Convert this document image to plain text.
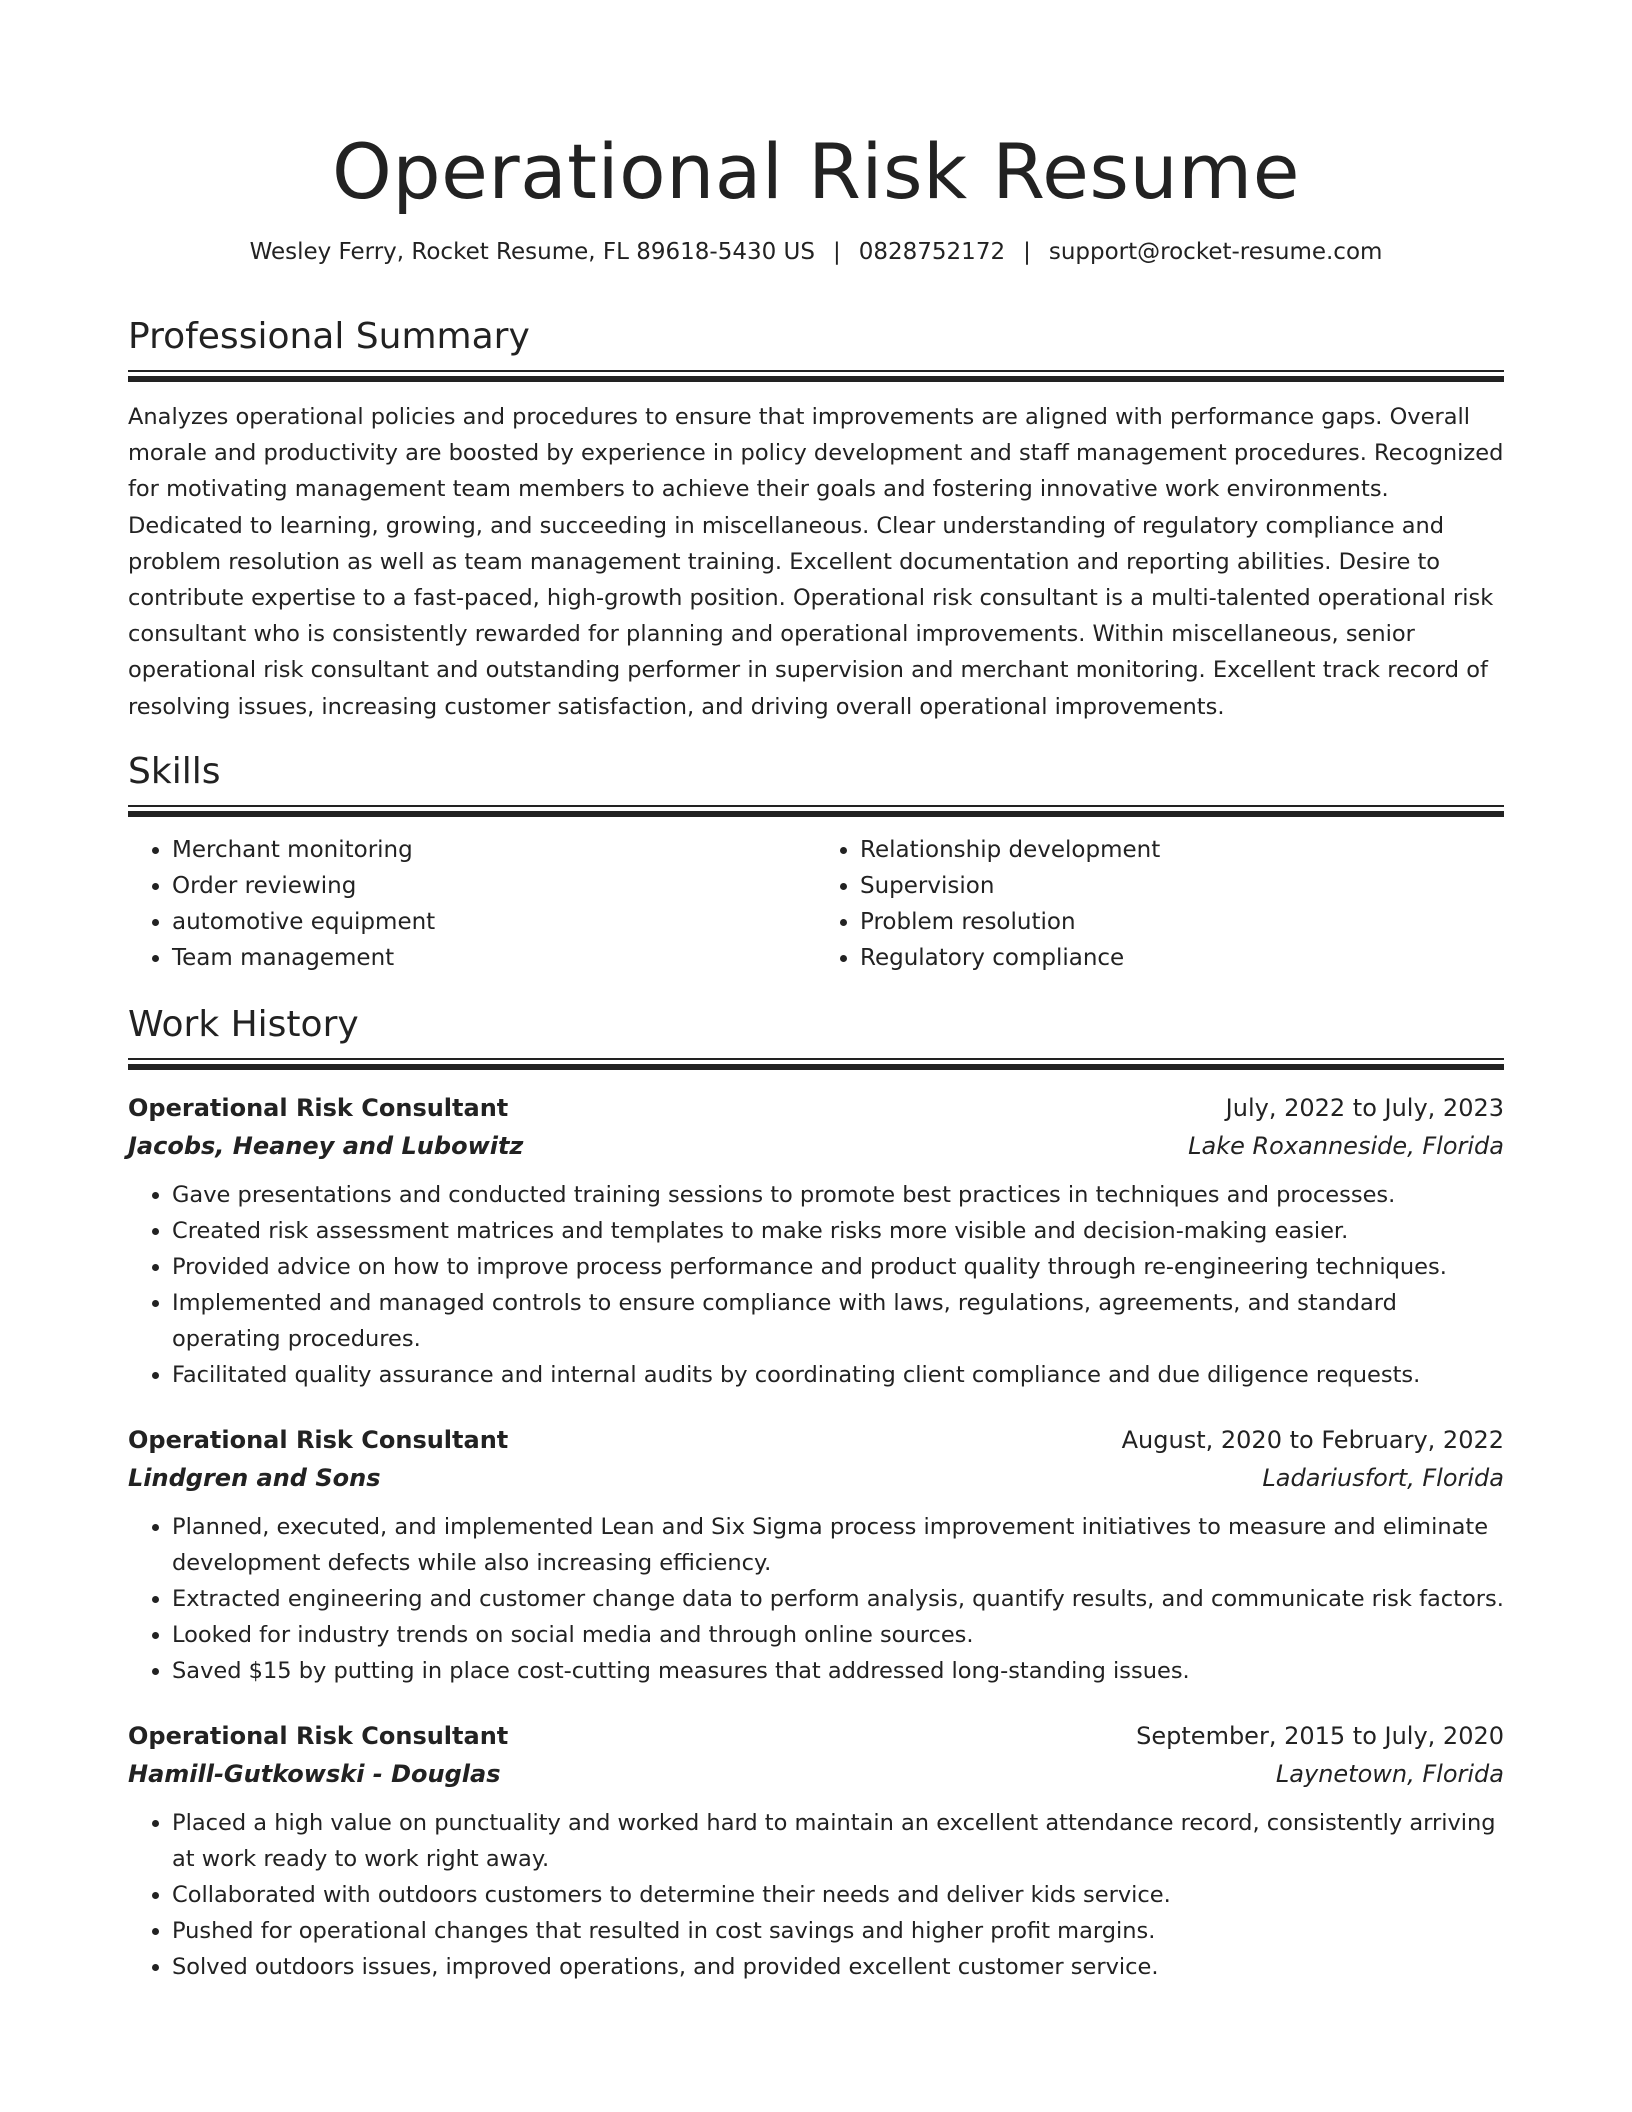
Operational Risk Resume
Wesley Ferry, Rocket Resume, FL 89618-5430 US | 0828752172 | support@rocket-resume.com
Professional Summary
Analyzes operational policies and procedures to ensure that improvements are aligned with performance gaps. Overall morale and productivity are boosted by experience in policy development and staff management procedures. Recognized for motivating management team members to achieve their goals and fostering innovative work environments. Dedicated to learning, growing, and succeeding in miscellaneous. Clear understanding of regulatory compliance and problem resolution as well as team management training. Excellent documentation and reporting abilities. Desire to contribute expertise to a fast-paced, high-growth position. Operational risk consultant is a multi-talented operational risk consultant who is consistently rewarded for planning and operational improvements. Within miscellaneous, senior operational risk consultant and outstanding performer in supervision and merchant monitoring. Excellent track record of resolving issues, increasing customer satisfaction, and driving overall operational improvements.
Skills
• Merchant monitoring
• Order reviewing
• automotive equipment
• Team management
• Relationship development
• Supervision
• Problem resolution
• Regulatory compliance
Work History
Operational Risk Consultant	July, 2022 to July, 2023
Jacobs, Heaney and Lubowitz	Lake Roxanneside, Florida
• Gave presentations and conducted training sessions to promote best practices in techniques and processes.
• Created risk assessment matrices and templates to make risks more visible and decision-making easier.
• Provided advice on how to improve process performance and product quality through re-engineering techniques.
• Implemented and managed controls to ensure compliance with laws, regulations, agreements, and standard operating procedures.
• Facilitated quality assurance and internal audits by coordinating client compliance and due diligence requests.
Operational Risk Consultant	August, 2020 to February, 2022
Lindgren and Sons	Ladariusfort, Florida
• Planned, executed, and implemented Lean and Six Sigma process improvement initiatives to measure and eliminate development defects while also increasing efficiency.
• Extracted engineering and customer change data to perform analysis, quantify results, and communicate risk factors.
• Looked for industry trends on social media and through online sources.
• Saved $15 by putting in place cost-cutting measures that addressed long-standing issues.
Operational Risk Consultant	September, 2015 to July, 2020
Hamill-Gutkowski - Douglas	Laynetown, Florida
• Placed a high value on punctuality and worked hard to maintain an excellent attendance record, consistently arriving at work ready to work right away.
• Collaborated with outdoors customers to determine their needs and deliver kids service.
• Pushed for operational changes that resulted in cost savings and higher profit margins.
• Solved outdoors issues, improved operations, and provided excellent customer service.
